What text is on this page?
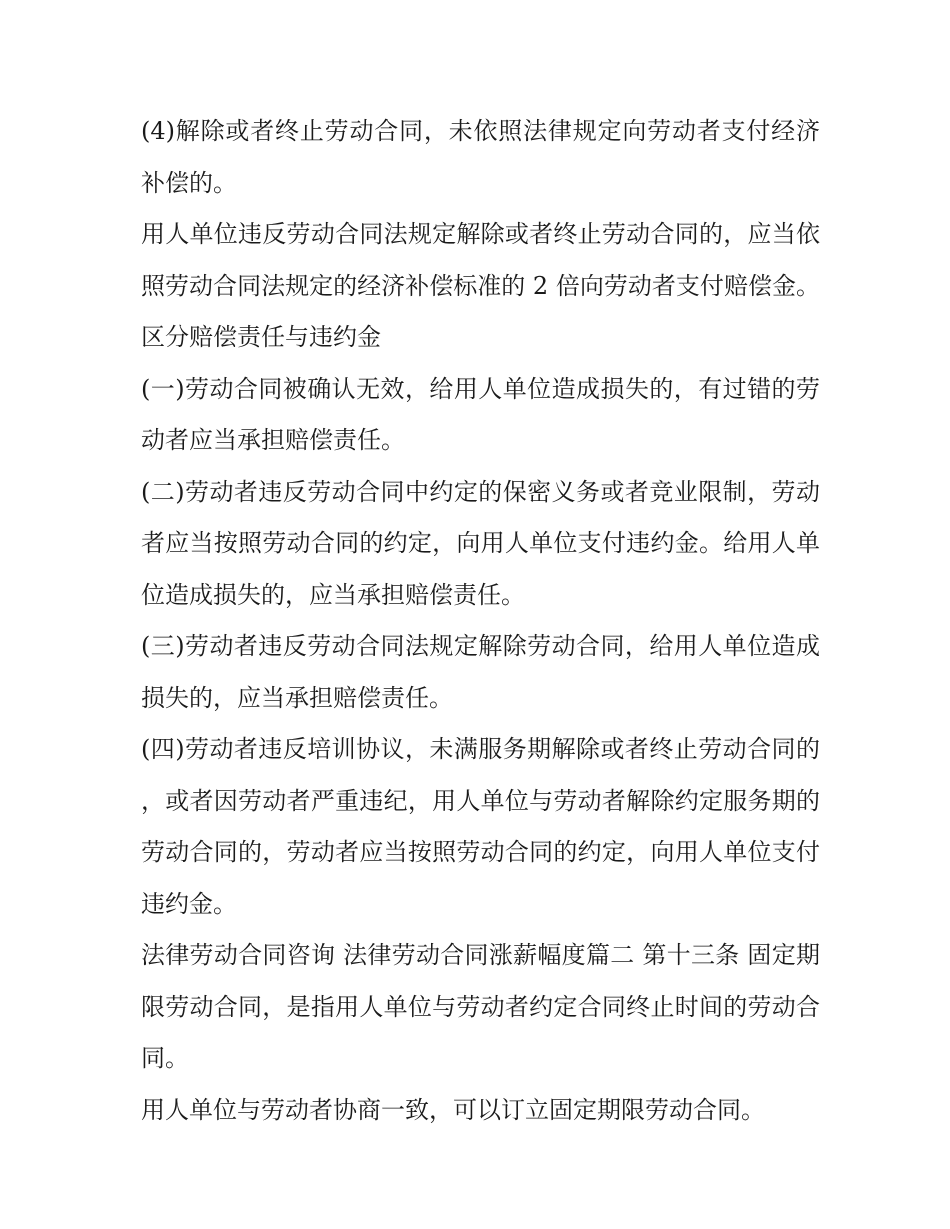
(4)解除或者终止劳动合同，未依照法律规定向劳动者支付经济补偿的。

用人单位违反劳动合同法规定解除或者终止劳动合同的，应当依照劳动合同法规定的经济补偿标准的 2 倍向劳动者支付赔偿金。 区分赔偿责任与违约金

(一)劳动合同被确认无效，给用人单位造成损失的，有过错的劳动者应当承担赔偿责任。

(二)劳动者违反劳动合同中约定的保密义务或者竞业限制，劳动者应当按照劳动合同的约定，向用人单位支付违约金。给用人单位造成损失的，应当承担赔偿责任。

(三)劳动者违反劳动合同法规定解除劳动合同，给用人单位造成损失的，应当承担赔偿责任。

(四)劳动者违反培训协议，未满服务期解除或者终止劳动合同的，或者因劳动者严重违纪，用人单位与劳动者解除约定服务期的劳动合同的，劳动者应当按照劳动合同的约定，向用人单位支付违约金。

法律劳动合同咨询 法律劳动合同涨薪幅度篇二 第十三条 固定期限劳动合同，是指用人单位与劳动者约定合同终止时间的劳动合同。

用人单位与劳动者协商一致，可以订立固定期限劳动合同。
